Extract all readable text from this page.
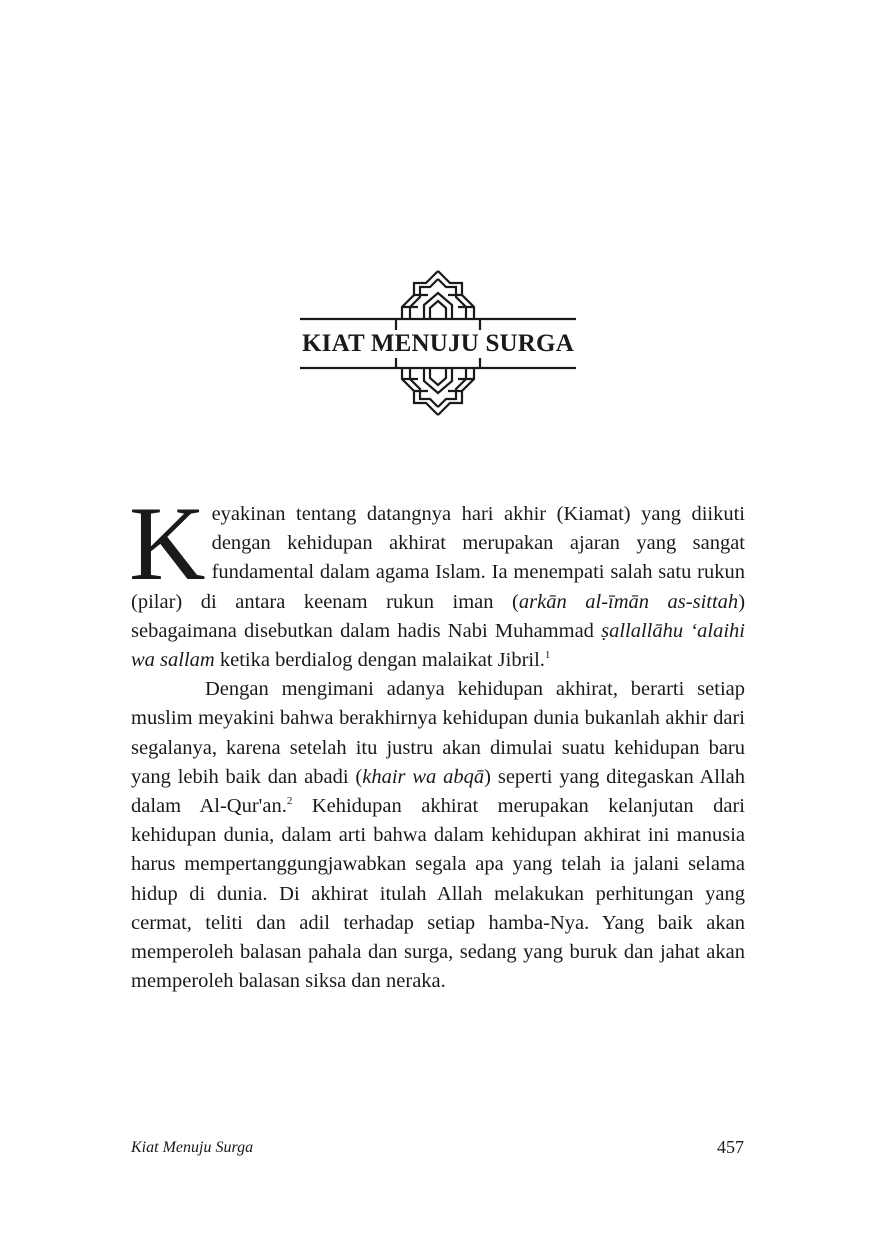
KIAT MENUJU SURGA

Keyakinan tentang datangnya hari akhir (Kiamat) yang diikuti dengan kehidupan akhirat merupakan ajaran yang sangat fundamental dalam agama Islam. Ia menempati salah satu rukun (pilar) di antara keenam rukun iman (arkān al-īmān as-sittah) sebagaimana disebutkan dalam hadis Nabi Muhammad ṣallallāhu ‘alaihi wa sallam ketika berdialog dengan malaikat Jibril.$^1$

Dengan mengimani adanya kehidupan akhirat, berarti setiap muslim meyakini bahwa berakhirnya kehidupan dunia bukanlah akhir dari segalanya, karena setelah itu justru akan dimulai suatu kehidupan baru yang lebih baik dan abadi (khair wa abqā) seperti yang ditegaskan Allah dalam Al-Qur'an.$^2$ Kehidupan akhirat merupakan kelanjutan dari kehidupan dunia, dalam arti bahwa dalam kehidupan akhirat ini manusia harus mempertanggungjawabkan segala apa yang telah ia jalani selama hidup di dunia. Di akhirat itulah Allah melakukan perhitungan yang cermat, teliti dan adil terhadap setiap hamba-Nya. Yang baik akan memperoleh balasan pahala dan surga, sedang yang buruk dan jahat akan memperoleh balasan siksa dan neraka.

Kiat Menuju Surga	457
